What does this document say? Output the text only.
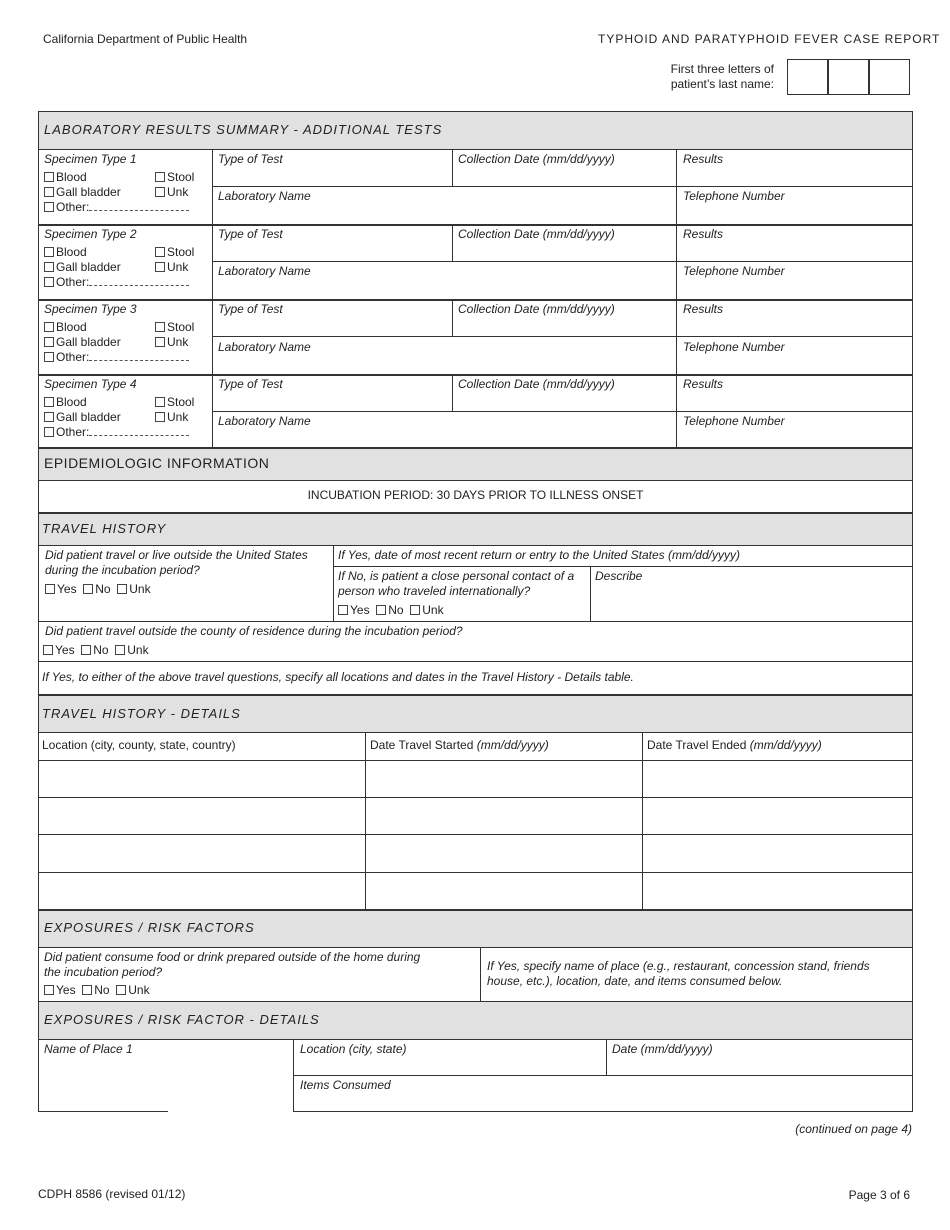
California Department of Public Health	TYPHOID AND PARATYPHOID FEVER CASE REPORT
First three letters of
patient’s last name:
LABORATORY RESULTS SUMMARY - ADDITIONAL TESTS
Specimen Type 1
Blood	Stool
Gall bladder	Unk
Other:
Type of Test	Collection Date (mm/dd/yyyy)	Results
Laboratory Name	Telephone Number
Specimen Type 2
Blood	Stool
Gall bladder	Unk
Other:
Type of Test	Collection Date (mm/dd/yyyy)	Results
Laboratory Name	Telephone Number
Specimen Type 3
Blood	Stool
Gall bladder	Unk
Other:
Type of Test	Collection Date (mm/dd/yyyy)	Results
Laboratory Name	Telephone Number
Specimen Type 4
Blood	Stool
Gall bladder	Unk
Other:
Type of Test	Collection Date (mm/dd/yyyy)	Results
Laboratory Name	Telephone Number
EPIDEMIOLOGIC INFORMATION
INCUBATION PERIOD: 30 DAYS PRIOR TO ILLNESS ONSET
TRAVEL HISTORY
Did patient travel or live outside the United States
during the incubation period?
Yes No Unk
If Yes, date of most recent return or entry to the United States (mm/dd/yyyy)
If No, is patient a close personal contact of a
person who traveled internationally?
Yes No Unk
Describe
Did patient travel outside the county of residence during the incubation period?
Yes No Unk
If Yes, to either of the above travel questions, specify all locations and dates in the Travel History - Details table.
TRAVEL HISTORY - DETAILS
Location (city, county, state, country)	Date Travel Started (mm/dd/yyyy)	Date Travel Ended (mm/dd/yyyy)
EXPOSURES / RISK FACTORS
Did patient consume food or drink prepared outside of the home during
the incubation period?
Yes No Unk
If Yes, specify name of place (e.g., restaurant, concession stand, friends
house, etc.), location, date, and items consumed below.
EXPOSURES / RISK FACTOR - DETAILS
Name of Place 1	Location (city, state)	Date (mm/dd/yyyy)
Items Consumed
(continued on page 4)
CDPH 8586 (revised 01/12)	Page 3 of 6
